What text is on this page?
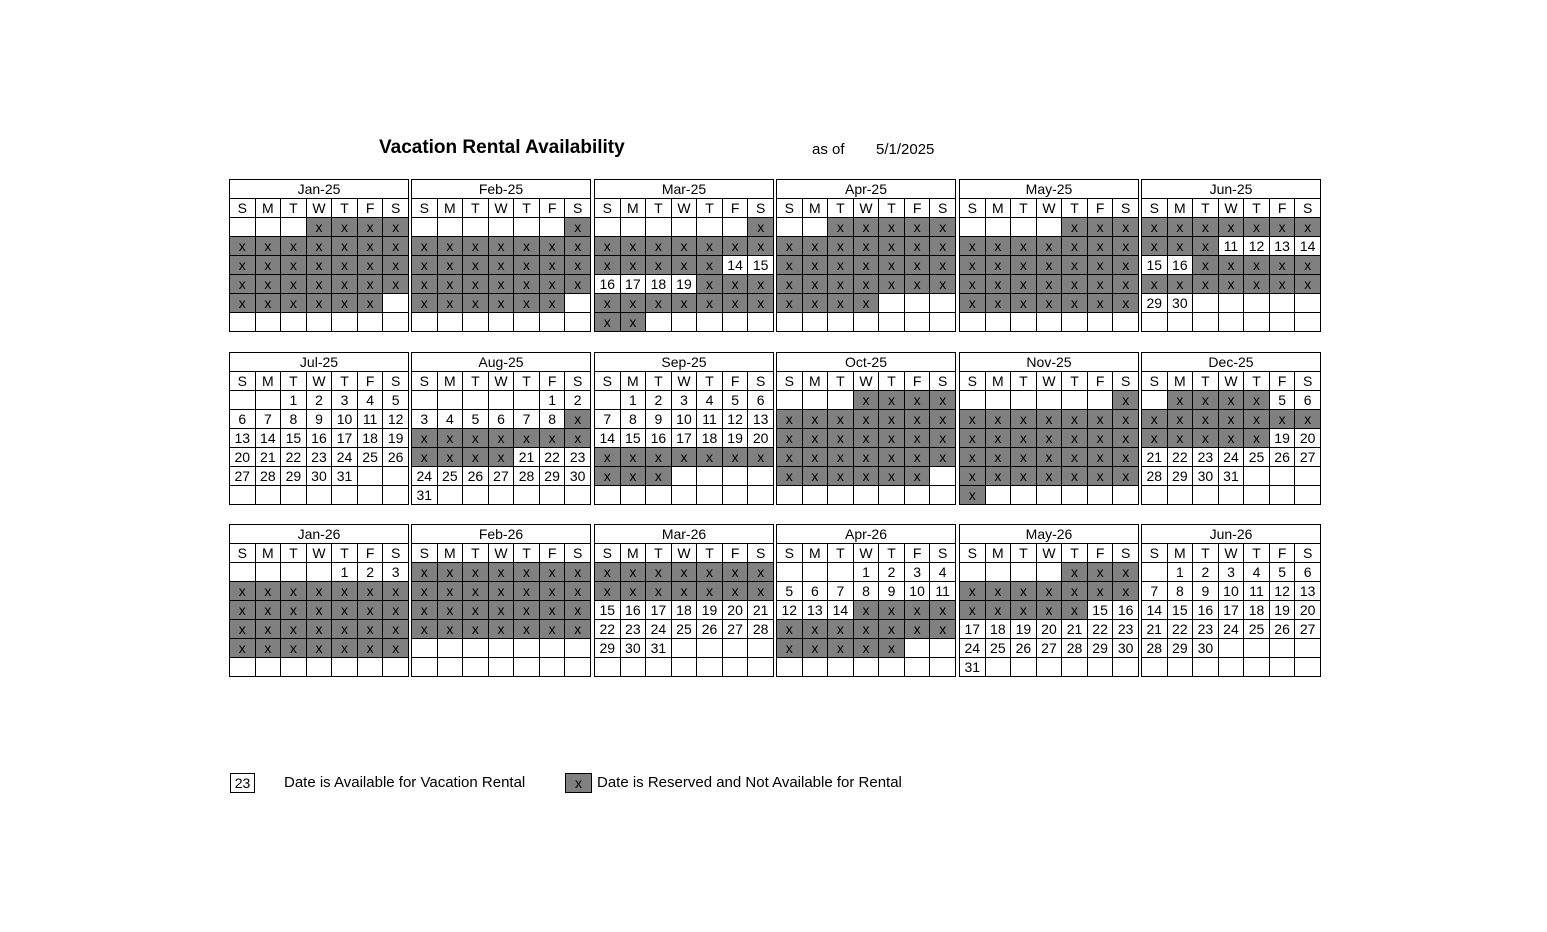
Vacation Rental Availability	as of 5/1/2025
Jan-25						
S	M	T	W	T	F	S
			x	x	x	x
x	x	x	x	x	x	x
x	x	x	x	x	x	x
x	x	x	x	x	x	x
x	x	x	x	x	x	

Feb-25						
S	M	T	W	T	F	S
						x
x	x	x	x	x	x	x
x	x	x	x	x	x	x
x	x	x	x	x	x	x
x	x	x	x	x	x	

Mar-25						
S	M	T	W	T	F	S
						x
x	x	x	x	x	x	x
x	x	x	x	x	14	15
16	17	18	19	x	x	x
x	x	x	x	x	x	x
x	x					
Apr-25						
S	M	T	W	T	F	S
		x	x	x	x	x
x	x	x	x	x	x	x
x	x	x	x	x	x	x
x	x	x	x	x	x	x
x	x	x	x			

May-25						
S	M	T	W	T	F	S
				x	x	x
x	x	x	x	x	x	x
x	x	x	x	x	x	x
x	x	x	x	x	x	x
x	x	x	x	x	x	x

Jun-25						
S	M	T	W	T	F	S
x	x	x	x	x	x	x
x	x	x	11	12	13	14
15	16	x	x	x	x	x
x	x	x	x	x	x	x
29	30					

Jul-25						
S	M	T	W	T	F	S
		1	2	3	4	5
6	7	8	9	10	11	12
13	14	15	16	17	18	19
20	21	22	23	24	25	26
27	28	29	30	31		

Aug-25						
S	M	T	W	T	F	S
					1	2
3	4	5	6	7	8	x
x	x	x	x	x	x	x
x	x	x	x	21	22	23
24	25	26	27	28	29	30
31						
Sep-25						
S	M	T	W	T	F	S
	1	2	3	4	5	6
7	8	9	10	11	12	13
14	15	16	17	18	19	20
x	x	x	x	x	x	x
x	x	x				

Oct-25						
S	M	T	W	T	F	S
			x	x	x	x
x	x	x	x	x	x	x
x	x	x	x	x	x	x
x	x	x	x	x	x	x
x	x	x	x	x	x	

Nov-25						
S	M	T	W	T	F	S
						x
x	x	x	x	x	x	x
x	x	x	x	x	x	x
x	x	x	x	x	x	x
x	x	x	x	x	x	x
x						
Dec-25						
S	M	T	W	T	F	S
	x	x	x	x	5	6
x	x	x	x	x	x	x
x	x	x	x	x	19	20
21	22	23	24	25	26	27
28	29	30	31			

Jan-26						
S	M	T	W	T	F	S
				1	2	3
x	x	x	x	x	x	x
x	x	x	x	x	x	x
x	x	x	x	x	x	x
x	x	x	x	x	x	x

Feb-26						
S	M	T	W	T	F	S
x	x	x	x	x	x	x
x	x	x	x	x	x	x
x	x	x	x	x	x	x
x	x	x	x	x	x	x

Mar-26						
S	M	T	W	T	F	S
x	x	x	x	x	x	x
x	x	x	x	x	x	x
15	16	17	18	19	20	21
22	23	24	25	26	27	28
29	30	31				

Apr-26						
S	M	T	W	T	F	S
			1	2	3	4
5	6	7	8	9	10	11
12	13	14	x	x	x	x
x	x	x	x	x	x	x
x	x	x	x	x		

May-26						
S	M	T	W	T	F	S
				x	x	x
x	x	x	x	x	x	x
x	x	x	x	x	15	16
17	18	19	20	21	22	23
24	25	26	27	28	29	30
31						
Jun-26						
S	M	T	W	T	F	S
	1	2	3	4	5	6
7	8	9	10	11	12	13
14	15	16	17	18	19	20
21	22	23	24	25	26	27
28	29	30				

23	Date is Available for Vacation Rental	x	Date is Reserved and Not Available for Rental
